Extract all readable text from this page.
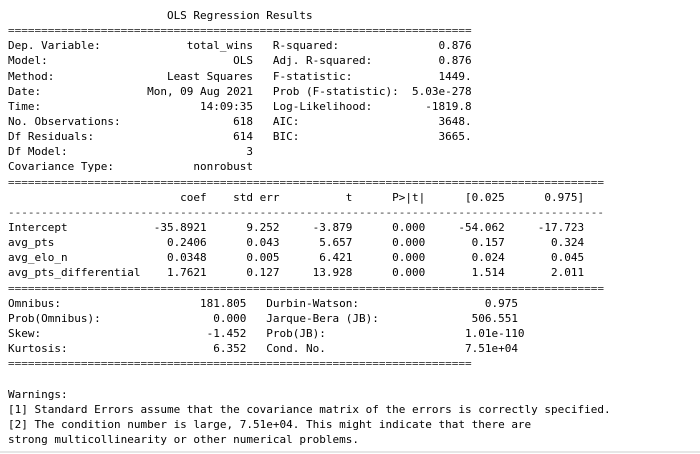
OLS Regression Results
======================================================================
Dep. Variable:             total_wins   R-squared:               0.876
Model:                            OLS   Adj. R-squared:          0.876
Method:                 Least Squares   F-statistic:             1449.
Date:                Mon, 09 Aug 2021   Prob (F-statistic):  5.03e-278
Time:                        14:09:35   Log-Likelihood:        -1819.8
No. Observations:                 618   AIC:                     3648.
Df Residuals:                     614   BIC:                     3665.
Df Model:                           3
Covariance Type:            nonrobust
==========================================================================================
coef    std err          t      P>|t|      [0.025      0.975]
------------------------------------------------------------------------------------------
Intercept             -35.8921      9.252     -3.879      0.000     -54.062     -17.723
avg_pts                 0.2406      0.043      5.657      0.000       0.157       0.324
avg_elo_n               0.0348      0.005      6.421      0.000       0.024       0.045
avg_pts_differential    1.7621      0.127     13.928      0.000       1.514       2.011
==========================================================================================
Omnibus:                     181.805   Durbin-Watson:                   0.975
Prob(Omnibus):                 0.000   Jarque-Bera (JB):              506.551
Skew:                         -1.452   Prob(JB):                     1.01e-110
Kurtosis:                      6.352   Cond. No.                     7.51e+04
======================================================================
Warnings:
[1] Standard Errors assume that the covariance matrix of the errors is correctly specified.
[2] The condition number is large, 7.51e+04. This might indicate that there are
strong multicollinearity or other numerical problems.
